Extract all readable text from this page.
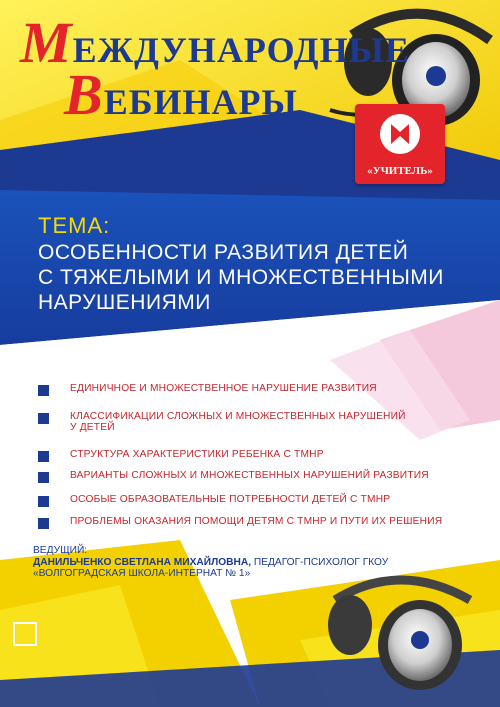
МЕЖДУНАРОДНЫЕ
ВЕБИНАРЫ
ОТ ИЗДАТЕЛЬСТВА
«УЧИТЕЛЬ»
ТЕМА:
ОСОБЕННОСТИ РАЗВИТИЯ ДЕТЕЙ
С ТЯЖЕЛЫМИ И МНОЖЕСТВЕННЫМИ
НАРУШЕНИЯМИ
ЕДИНИЧНОЕ И МНОЖЕСТВЕННОЕ НАРУШЕНИЕ РАЗВИТИЯ
КЛАССИФИКАЦИИ СЛОЖНЫХ И МНОЖЕСТВЕННЫХ НАРУШЕНИЙ
У ДЕТЕЙ
СТРУКТУРА ХАРАКТЕРИСТИКИ РЕБЕНКА С ТМНР
ВАРИАНТЫ СЛОЖНЫХ И МНОЖЕСТВЕННЫХ НАРУШЕНИЙ РАЗВИТИЯ
ОСОБЫЕ ОБРАЗОВАТЕЛЬНЫЕ ПОТРЕБНОСТИ ДЕТЕЙ С ТМНР
ПРОБЛЕМЫ ОКАЗАНИЯ ПОМОЩИ ДЕТЯМ С ТМНР И ПУТИ ИХ РЕШЕНИЯ
ВЕДУЩИЙ:
ДАНИЛЬЧЕНКО СВЕТЛАНА МИХАЙЛОВНА, ПЕДАГОГ-ПСИХОЛОГ ГКОУ
«ВОЛГОГРАДСКАЯ ШКОЛА-ИНТЕРНАТ № 1»
